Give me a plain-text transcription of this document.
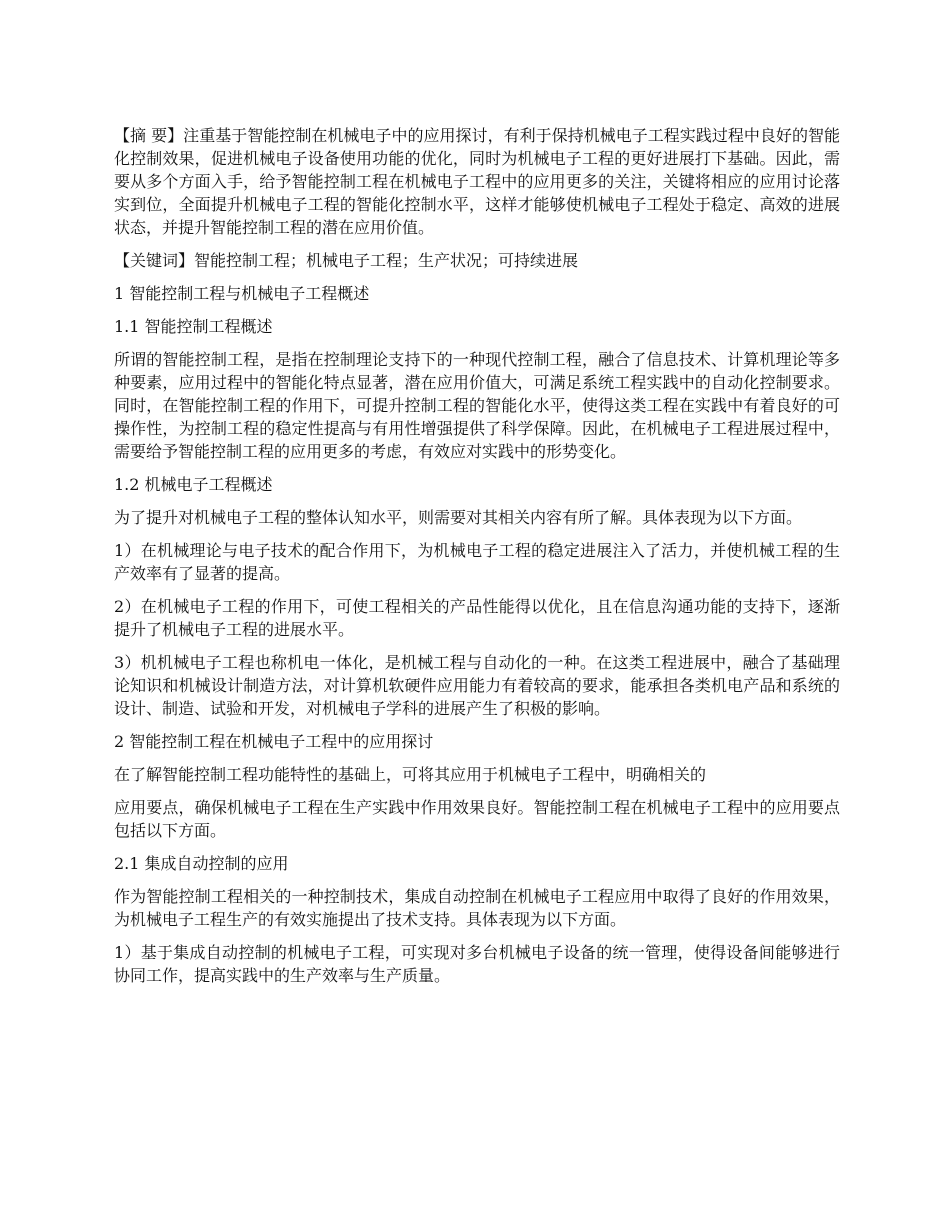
【摘 要】注重基于智能控制在机械电子中的应用探讨，有利于保持机械电子工程实践过程中良好的智能化控制效果，促进机械电子设备使用功能的优化，同时为机械电子工程的更好进展打下基础。因此，需要从多个方面入手，给予智能控制工程在机械电子工程中的应用更多的关注，关键将相应的应用讨论落实到位，全面提升机械电子工程的智能化控制水平，这样才能够使机械电子工程处于稳定、高效的进展状态，并提升智能控制工程的潜在应用价值。

【关键词】智能控制工程；机械电子工程；生产状况；可持续进展

1 智能控制工程与机械电子工程概述

1.1 智能控制工程概述

所谓的智能控制工程，是指在控制理论支持下的一种现代控制工程，融合了信息技术、计算机理论等多种要素，应用过程中的智能化特点显著，潜在应用价值大，可满足系统工程实践中的自动化控制要求。同时，在智能控制工程的作用下，可提升控制工程的智能化水平，使得这类工程在实践中有着良好的可操作性，为控制工程的稳定性提高与有用性增强提供了科学保障。因此，在机械电子工程进展过程中，需要给予智能控制工程的应用更多的考虑，有效应对实践中的形势变化。

1.2 机械电子工程概述

为了提升对机械电子工程的整体认知水平，则需要对其相关内容有所了解。具体表现为以下方面。

1）在机械理论与电子技术的配合作用下，为机械电子工程的稳定进展注入了活力，并使机械工程的生产效率有了显著的提高。

2）在机械电子工程的作用下，可使工程相关的产品性能得以优化，且在信息沟通功能的支持下，逐渐提升了机械电子工程的进展水平。

3）机机械电子工程也称机电一体化，是机械工程与自动化的一种。在这类工程进展中，融合了基础理论知识和机械设计制造方法，对计算机软硬件应用能力有着较高的要求，能承担各类机电产品和系统的设计、制造、试验和开发，对机械电子学科的进展产生了积极的影响。

2 智能控制工程在机械电子工程中的应用探讨

在了解智能控制工程功能特性的基础上，可将其应用于机械电子工程中，明确相关的

应用要点，确保机械电子工程在生产实践中作用效果良好。智能控制工程在机械电子工程中的应用要点包括以下方面。

2.1 集成自动控制的应用

作为智能控制工程相关的一种控制技术，集成自动控制在机械电子工程应用中取得了良好的作用效果，为机械电子工程生产的有效实施提出了技术支持。具体表现为以下方面。

1）基于集成自动控制的机械电子工程，可实现对多台机械电子设备的统一管理，使得设备间能够进行协同工作，提高实践中的生产效率与生产质量。
